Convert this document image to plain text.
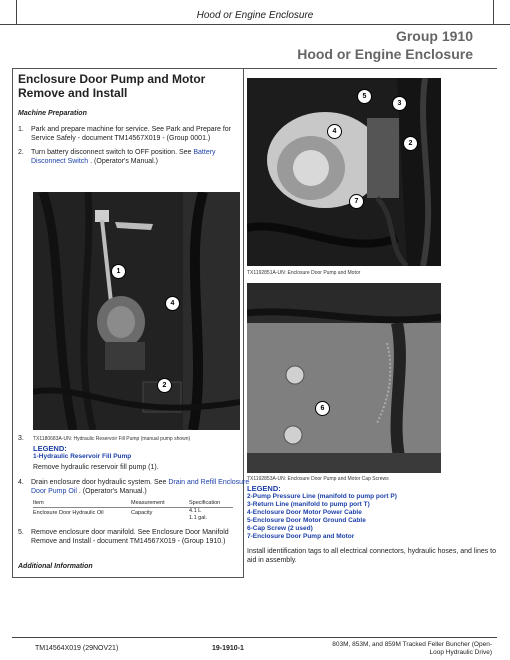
Hood or Engine Enclosure
Group 1910
Hood or Engine Enclosure
Enclosure Door Pump and Motor Remove and Install
Machine Preparation
1. Park and prepare machine for service. See Park and Prepare for Service Safely - document TM14567X019 - (Group 0001.)
2. Turn battery disconnect switch to OFF position. See Battery Disconnect Switch . (Operator's Manual.)
1
4
2
3. TX1180683A-UN: Hydraulic Reservoir Fill Pump (manual pump shown)
LEGEND:
1-Hydraulic Reservoir Fill Pump
Remove hydraulic reservoir fill pump (1).
4. Drain enclosure door hydraulic system. See Drain and Refill Enclosure Door Pump Oil . (Operator's Manual.)
Item	Measurement	Specification
Enclosure Door Hydraulic Oil	Capacity	4.1 L
1.1 gal.
5. Remove enclosure door manifold. See Enclosure Door Manifold Remove and Install - document TM14567X019 - (Group 1910.)
Additional Information
5
3
4
2
7
TX1192851A-UN: Enclosure Door Pump and Motor
6
TX1192853A-UN: Enclosure Door Pump and Motor Cap Screws
LEGEND:
2-Pump Pressure Line (manifold to pump port P)
3-Return Line (manifold to pump port T)
4-Enclosure Door Motor Power Cable
5-Enclosure Door Motor Ground Cable
6-Cap Screw (2 used)
7-Enclosure Door Pump and Motor
Install identification tags to all electrical connectors, hydraulic hoses, and lines to aid in assembly.
TM14564X019 (29NOV21)	19-1910-1
803M, 853M, and 859M Tracked Feller Buncher (Open-
Loop Hydraulic Drive)
